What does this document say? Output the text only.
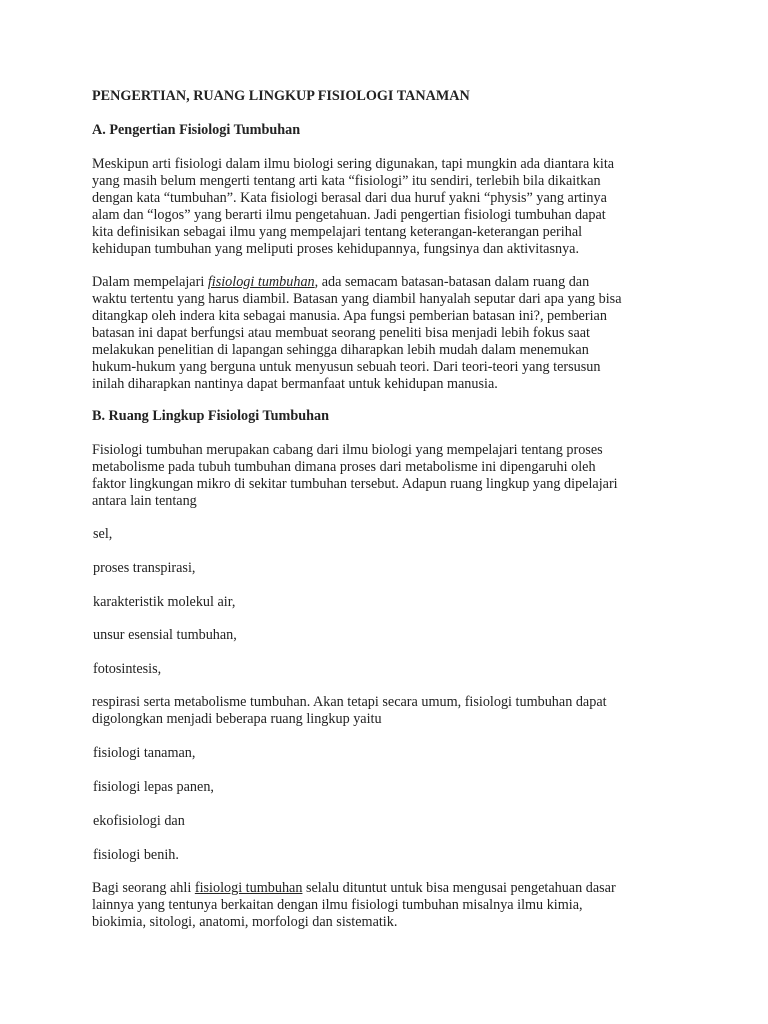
PENGERTIAN, RUANG LINGKUP FISIOLOGI TANAMAN
A. Pengertian Fisiologi Tumbuhan
Meskipun arti fisiologi dalam ilmu biologi sering digunakan, tapi mungkin ada diantara kita
yang masih belum mengerti tentang arti kata “fisiologi” itu sendiri, terlebih bila dikaitkan
dengan kata “tumbuhan”. Kata fisiologi berasal dari dua huruf yakni “physis” yang artinya
alam dan “logos” yang berarti ilmu pengetahuan. Jadi pengertian fisiologi tumbuhan dapat
kita definisikan sebagai ilmu yang mempelajari tentang keterangan-keterangan perihal
kehidupan tumbuhan yang meliputi proses kehidupannya, fungsinya dan aktivitasnya.
Dalam mempelajari fisiologi tumbuhan, ada semacam batasan-batasan dalam ruang dan
waktu tertentu yang harus diambil. Batasan yang diambil hanyalah seputar dari apa yang bisa
ditangkap oleh indera kita sebagai manusia. Apa fungsi pemberian batasan ini?, pemberian
batasan ini dapat berfungsi atau membuat seorang peneliti bisa menjadi lebih fokus saat
melakukan penelitian di lapangan sehingga diharapkan lebih mudah dalam menemukan
hukum-hukum yang berguna untuk menyusun sebuah teori. Dari teori-teori yang tersusun
inilah diharapkan nantinya dapat bermanfaat untuk kehidupan manusia.
B. Ruang Lingkup Fisiologi Tumbuhan
Fisiologi tumbuhan merupakan cabang dari ilmu biologi yang mempelajari tentang proses
metabolisme pada tubuh tumbuhan dimana proses dari metabolisme ini dipengaruhi oleh
faktor lingkungan mikro di sekitar tumbuhan tersebut. Adapun ruang lingkup yang dipelajari
antara lain tentang
sel,
proses transpirasi,
karakteristik molekul air,
unsur esensial tumbuhan,
fotosintesis,
respirasi serta metabolisme tumbuhan. Akan tetapi secara umum, fisiologi tumbuhan dapat
digolongkan menjadi beberapa ruang lingkup yaitu
fisiologi tanaman,
fisiologi lepas panen,
ekofisiologi dan
fisiologi benih.
Bagi seorang ahli fisiologi tumbuhan selalu dituntut untuk bisa mengusai pengetahuan dasar
lainnya yang tentunya berkaitan dengan ilmu fisiologi tumbuhan misalnya ilmu kimia,
biokimia, sitologi, anatomi, morfologi dan sistematik.
